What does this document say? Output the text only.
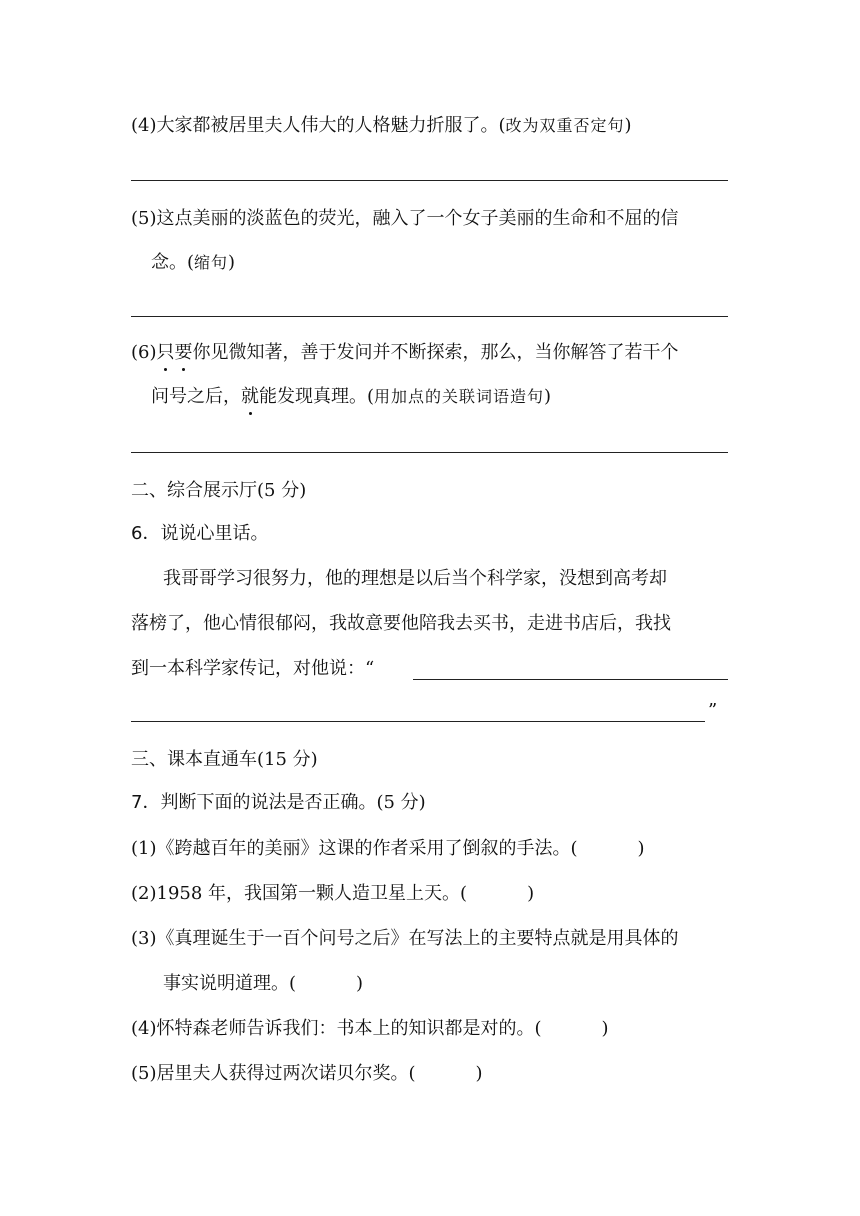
(4)大家都被居里夫人伟大的人格魅力折服了。(改为双重否定句)
(5)这点美丽的淡蓝色的荧光，融入了一个女子美丽的生命和不屈的信
念。(缩句)
(6)只要你见微知著，善于发问并不断探索，那么，当你解答了若干个
问号之后，就能发现真理。(用加点的关联词语造句)
二、综合展示厅(5 分)
6．说说心里话。
我哥哥学习很努力，他的理想是以后当个科学家，没想到高考却
落榜了，他心情很郁闷，我故意要他陪我去买书，走进书店后，我找
到一本科学家传记，对他说：“
”
三、课本直通车(15 分)
7．判断下面的说法是否正确。(5 分)
(1)《跨越百年的美丽》这课的作者采用了倒叙的手法。(	)
(2)1958 年，我国第一颗人造卫星上天。(	)
(3)《真理诞生于一百个问号之后》在写法上的主要特点就是用具体的
事实说明道理。(	)
(4)怀特森老师告诉我们：书本上的知识都是对的。(	)
(5)居里夫人获得过两次诺贝尔奖。(	)
